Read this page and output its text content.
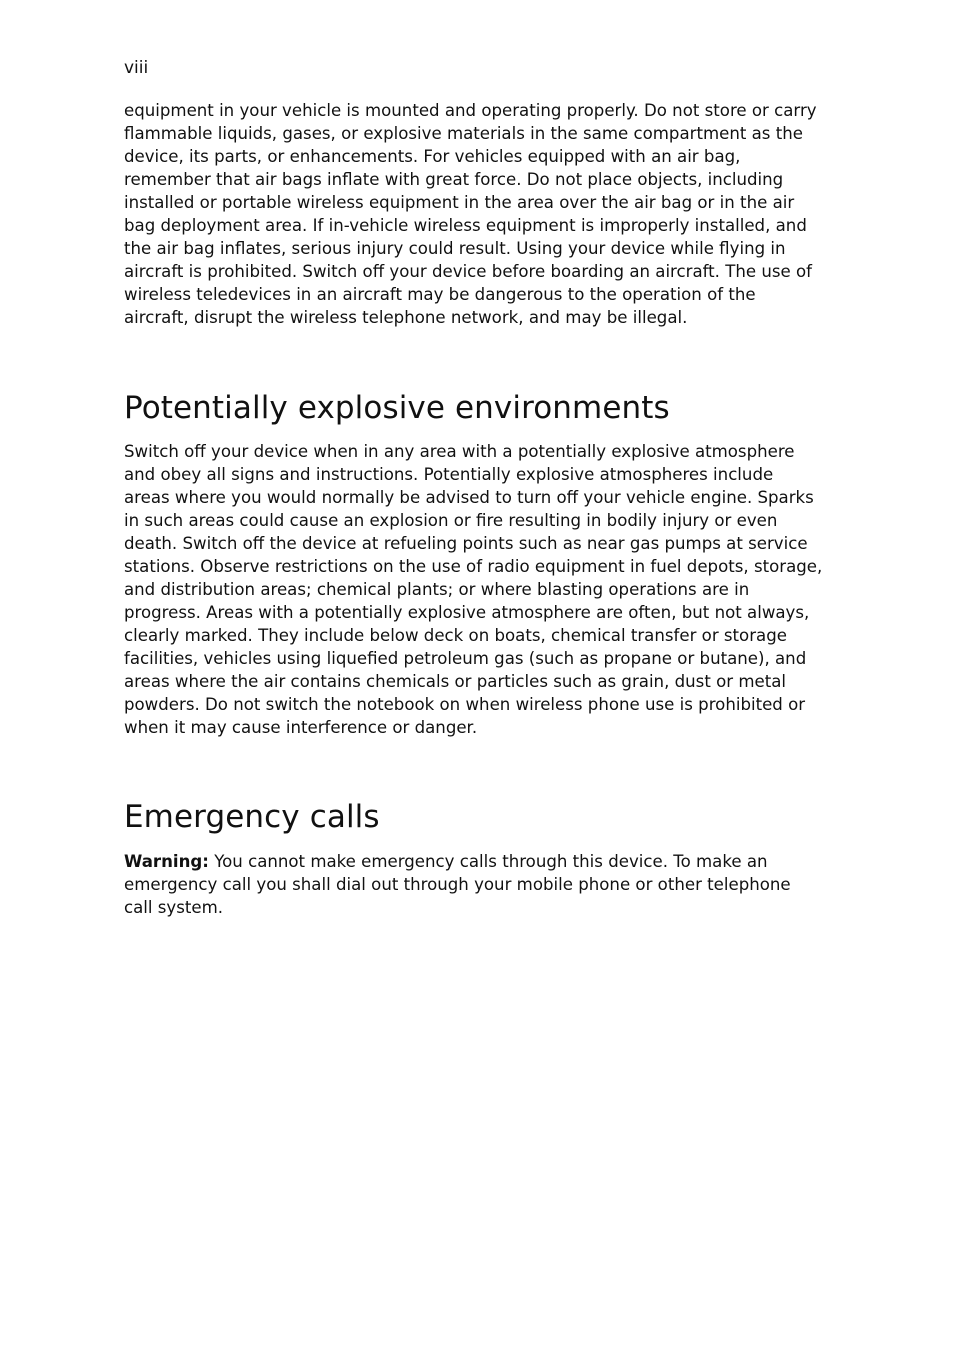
viii

equipment in your vehicle is mounted and operating properly. Do not store or carry flammable liquids, gases, or explosive materials in the same compartment as the device, its parts, or enhancements. For vehicles equipped with an air bag, remember that air bags inflate with great force. Do not place objects, including installed or portable wireless equipment in the area over the air bag or in the air bag deployment area. If in-vehicle wireless equipment is improperly installed, and the air bag inflates, serious injury could result. Using your device while flying in aircraft is prohibited. Switch off your device before boarding an aircraft. The use of wireless teledevices in an aircraft may be dangerous to the operation of the aircraft, disrupt the wireless telephone network, and may be illegal.

Potentially explosive environments

Switch off your device when in any area with a potentially explosive atmosphere and obey all signs and instructions. Potentially explosive atmospheres include areas where you would normally be advised to turn off your vehicle engine. Sparks in such areas could cause an explosion or fire resulting in bodily injury or even death. Switch off the device at refueling points such as near gas pumps at service stations. Observe restrictions on the use of radio equipment in fuel depots, storage, and distribution areas; chemical plants; or where blasting operations are in progress. Areas with a potentially explosive atmosphere are often, but not always, clearly marked. They include below deck on boats, chemical transfer or storage facilities, vehicles using liquefied petroleum gas (such as propane or butane), and areas where the air contains chemicals or particles such as grain, dust or metal powders. Do not switch the notebook on when wireless phone use is prohibited or when it may cause interference or danger.

Emergency calls

Warning: You cannot make emergency calls through this device. To make an emergency call you shall dial out through your mobile phone or other telephone call system.
